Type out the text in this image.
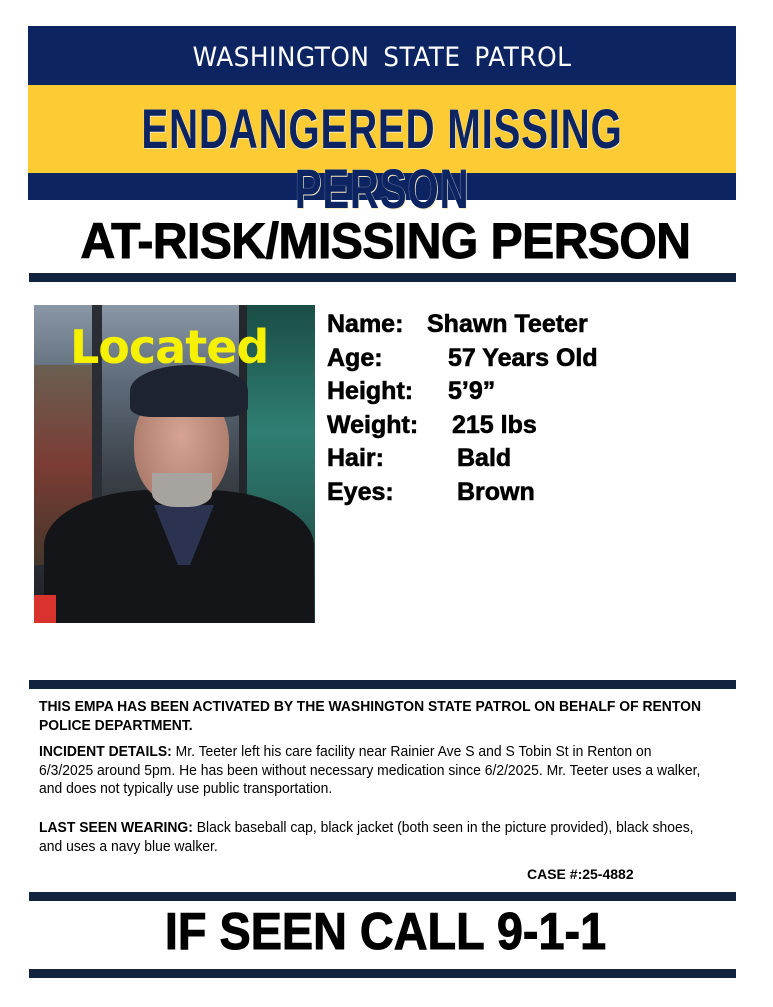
WASHINGTON STATE PATROL
ENDANGERED MISSING PERSON
AT-RISK/MISSING PERSON
Located Name: Shawn Teeter
Age:	57 Years Old
Height: 5’9”
Weight: 215 lbs
Hair:	Bald
Eyes:	Brown
THIS EMPA HAS BEEN ACTIVATED BY THE WASHINGTON STATE PATROL ON BEHALF OF RENTON POLICE DEPARTMENT.
INCIDENT DETAILS: Mr. Teeter left his care facility near Rainier Ave S and S Tobin St in Renton on 6/3/2025 around 5pm. He has been without necessary medication since 6/2/2025. Mr. Teeter uses a walker, and does not typically use public transportation.
LAST SEEN WEARING: Black baseball cap, black jacket (both seen in the picture provided), black shoes, and uses a navy blue walker.
CASE #:25-4882
IF SEEN CALL 9-1-1
